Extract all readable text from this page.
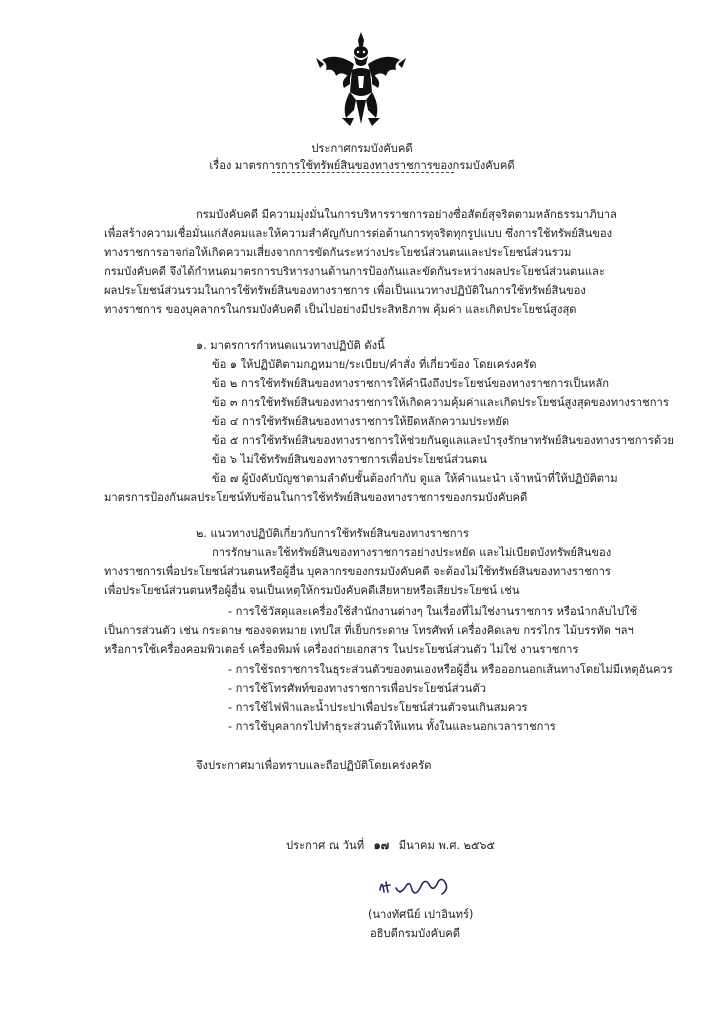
ประกาศกรมบังคับคดี
เรื่อง มาตรการการใช้ทรัพย์สินของทางราชการของกรมบังคับคดี
กรมบังคับคดี มีความมุ่งมั่นในการบริหารราชการอย่างซื่อสัตย์สุจริตตามหลักธรรมาภิบาล
เพื่อสร้างความเชื่อมั่นแก่สังคมและให้ความสำคัญกับการต่อต้านการทุจริตทุกรูปแบบ ซึ่งการใช้ทรัพย์สินของ
ทางราชการอาจก่อให้เกิดความเสี่ยงจากการขัดกันระหว่างประโยชน์ส่วนตนและประโยชน์ส่วนรวม
กรมบังคับคดี จึงได้กำหนดมาตรการบริหารงานด้านการป้องกันและขัดกันระหว่างผลประโยชน์ส่วนตนและ
ผลประโยชน์ส่วนรวมในการใช้ทรัพย์สินของทางราชการ เพื่อเป็นแนวทางปฏิบัติในการใช้ทรัพย์สินของ
ทางราชการ ของบุคลากรในกรมบังคับคดี เป็นไปอย่างมีประสิทธิภาพ คุ้มค่า และเกิดประโยชน์สูงสุด
๑. มาตรการกำหนดแนวทางปฏิบัติ ดังนี้
ข้อ ๑ ให้ปฏิบัติตามกฎหมาย/ระเบียบ/คำสั่ง ที่เกี่ยวข้อง โดยเคร่งครัด
ข้อ ๒ การใช้ทรัพย์สินของทางราชการให้คำนึงถึงประโยชน์ของทางราชการเป็นหลัก
ข้อ ๓ การใช้ทรัพย์สินของทางราชการให้เกิดความคุ้มค่าและเกิดประโยชน์สูงสุดของทางราชการ
ข้อ ๔ การใช้ทรัพย์สินของทางราชการให้ยึดหลักความประหยัด
ข้อ ๕ การใช้ทรัพย์สินของทางราชการให้ช่วยกันดูแลและบำรุงรักษาทรัพย์สินของทางราชการด้วย
ข้อ ๖ ไม่ใช้ทรัพย์สินของทางราชการเพื่อประโยชน์ส่วนตน
ข้อ ๗ ผู้บังคับบัญชาตามลำดับชั้นต้องกำกับ ดูแล ให้คำแนะนำ เจ้าหน้าที่ให้ปฏิบัติตาม
มาตรการป้องกันผลประโยชน์ทับซ้อนในการใช้ทรัพย์สินของทางราชการของกรมบังคับคดี
๒. แนวทางปฏิบัติเกี่ยวกับการใช้ทรัพย์สินของทางราชการ
การรักษาและใช้ทรัพย์สินของทางราชการอย่างประหยัด และไม่เบียดบังทรัพย์สินของ
ทางราชการเพื่อประโยชน์ส่วนตนหรือผู้อื่น บุคลากรของกรมบังคับคดี จะต้องไม่ใช้ทรัพย์สินของทางราชการ
เพื่อประโยชน์ส่วนตนหรือผู้อื่น จนเป็นเหตุให้กรมบังคับคดีเสียหายหรือเสียประโยชน์ เช่น
- การใช้วัสดุและเครื่องใช้สำนักงานต่างๆ ในเรื่องที่ไม่ใช่งานราชการ หรือนำกลับไปใช้
เป็นการส่วนตัว เช่น กระดาษ ซองจดหมาย เทปใส ที่เย็บกระดาษ โทรศัพท์ เครื่องคิดเลข กรรไกร ไม้บรรทัด ฯลฯ
หรือการใช้เครื่องคอมพิวเตอร์ เครื่องพิมพ์ เครื่องถ่ายเอกสาร ในประโยชน์ส่วนตัว ไม่ใช่ งานราชการ
- การใช้รถราชการในธุระส่วนตัวของตนเองหรือผู้อื่น หรือออกนอกเส้นทางโดยไม่มีเหตุอันควร
- การใช้โทรศัพท์ของทางราชการเพื่อประโยชน์ส่วนตัว
- การใช้ไฟฟ้าและน้ำประปาเพื่อประโยชน์ส่วนตัวจนเกินสมควร
- การใช้บุคลากรไปทำธุระส่วนตัวให้แทน ทั้งในและนอกเวลาราชการ
จึงประกาศมาเพื่อทราบและถือปฏิบัติโดยเคร่งครัด
ประกาศ ณ วันที่ ๑๗ มีนาคม พ.ศ. ๒๕๖๕
(นางทัศนีย์ เปาอินทร์)
อธิบดีกรมบังคับคดี
